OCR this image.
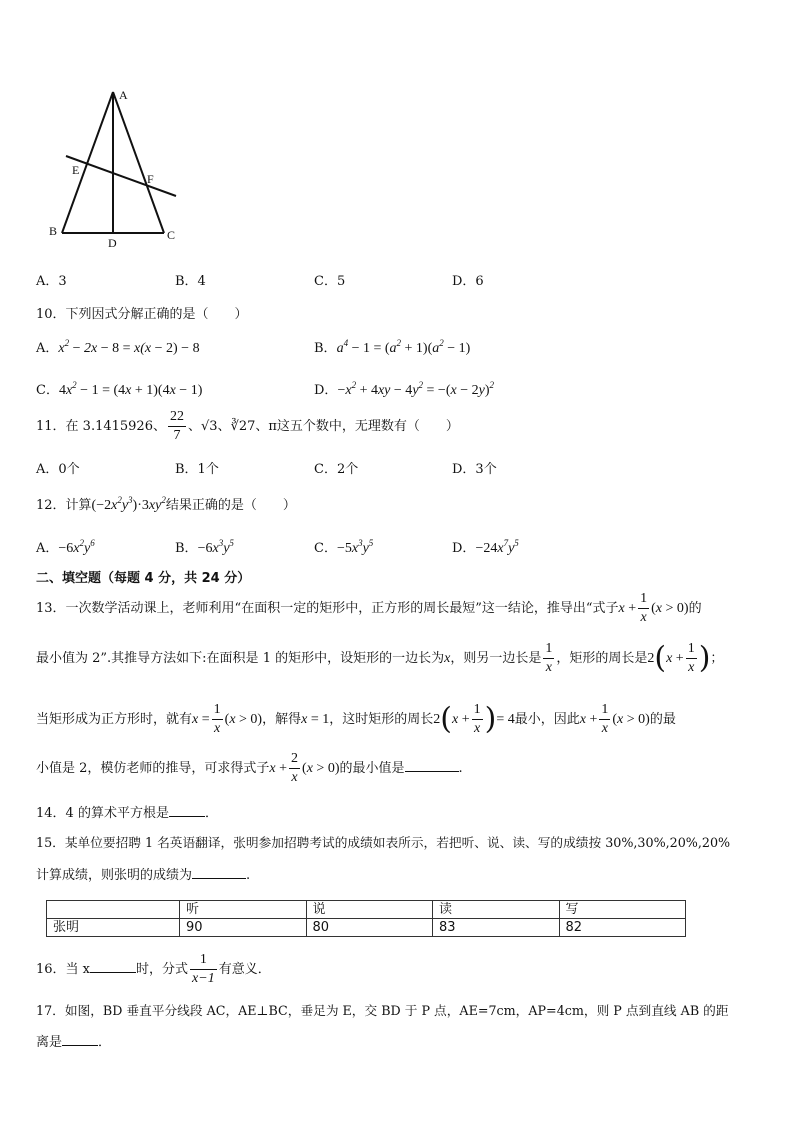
A
E
F
B
D
C
A．3	B．4	C．5	D．6
10．下列因式分解正确的是（　　）
A．$x^2 - 2x - 8 = x(x - 2) - 8$	B．$a^4 - 1 = (a^2 + 1)(a^2 - 1)$
C．$4x^2 - 1 = (4x + 1)(4x - 1)$	D．$-x^2 + 4xy - 4y^2 = -(x - 2y)^2$
11．在 3.1415926、 $\frac{22}{7}$ 、√3、∛27、π这五个数中，无理数有（　　）
A．0个	B．1个	C．2个	D．3个
12．计算$(-2x^2y^3)\cdot 3xy^2$结果正确的是（　　）
A．$-6x^2y^6$	B．$-6x^3y^5$	C．$-5x^3y^5$	D．$-24x^7y^5$
二、填空题（每题 4 分，共 24 分）
13．一次数学活动课上，老师利用“在面积一定的矩形中，正方形的周长最短”这一结论，推导出“式子$x + \frac{1}{x} (x > 0)$的
最小值为 2”.其推导方法如下:在面积是 1 的矩形中，设矩形的一边长为x，则另一边长是 $\frac{1}{x}$ ，矩形的周长是$2(x + \frac{1}{x}$ )；
当矩形成为正方形时，就有$x = \frac{1}{x} (x > 0)$，解得x = 1，这时矩形的周长$2(x + \frac{1}{x}$ )= 4最小，因此$x + \frac{1}{x} (x > 0)$的最
小值是 2，模仿老师的推导，可求得式子$x + \frac{2}{x} (x > 0)$的最小值是	.
14．4 的算术平方根是	．
15．某单位要招聘 1 名英语翻译，张明参加招聘考试的成绩如表所示，若把听、说、读、写的成绩按 30%,30%,20%,20%
计算成绩，则张明的成绩为	.
	听	说	读	写
张明	90	80	83	82
16．当 x	时，分式 $\frac{1}{x-1}$ 有意义．
17．如图，BD 垂直平分线段 AC，AE⊥BC，垂足为 E，交 BD 于 P 点，AE=7cm，AP=4cm，则 P 点到直线 AB 的距
离是	．
